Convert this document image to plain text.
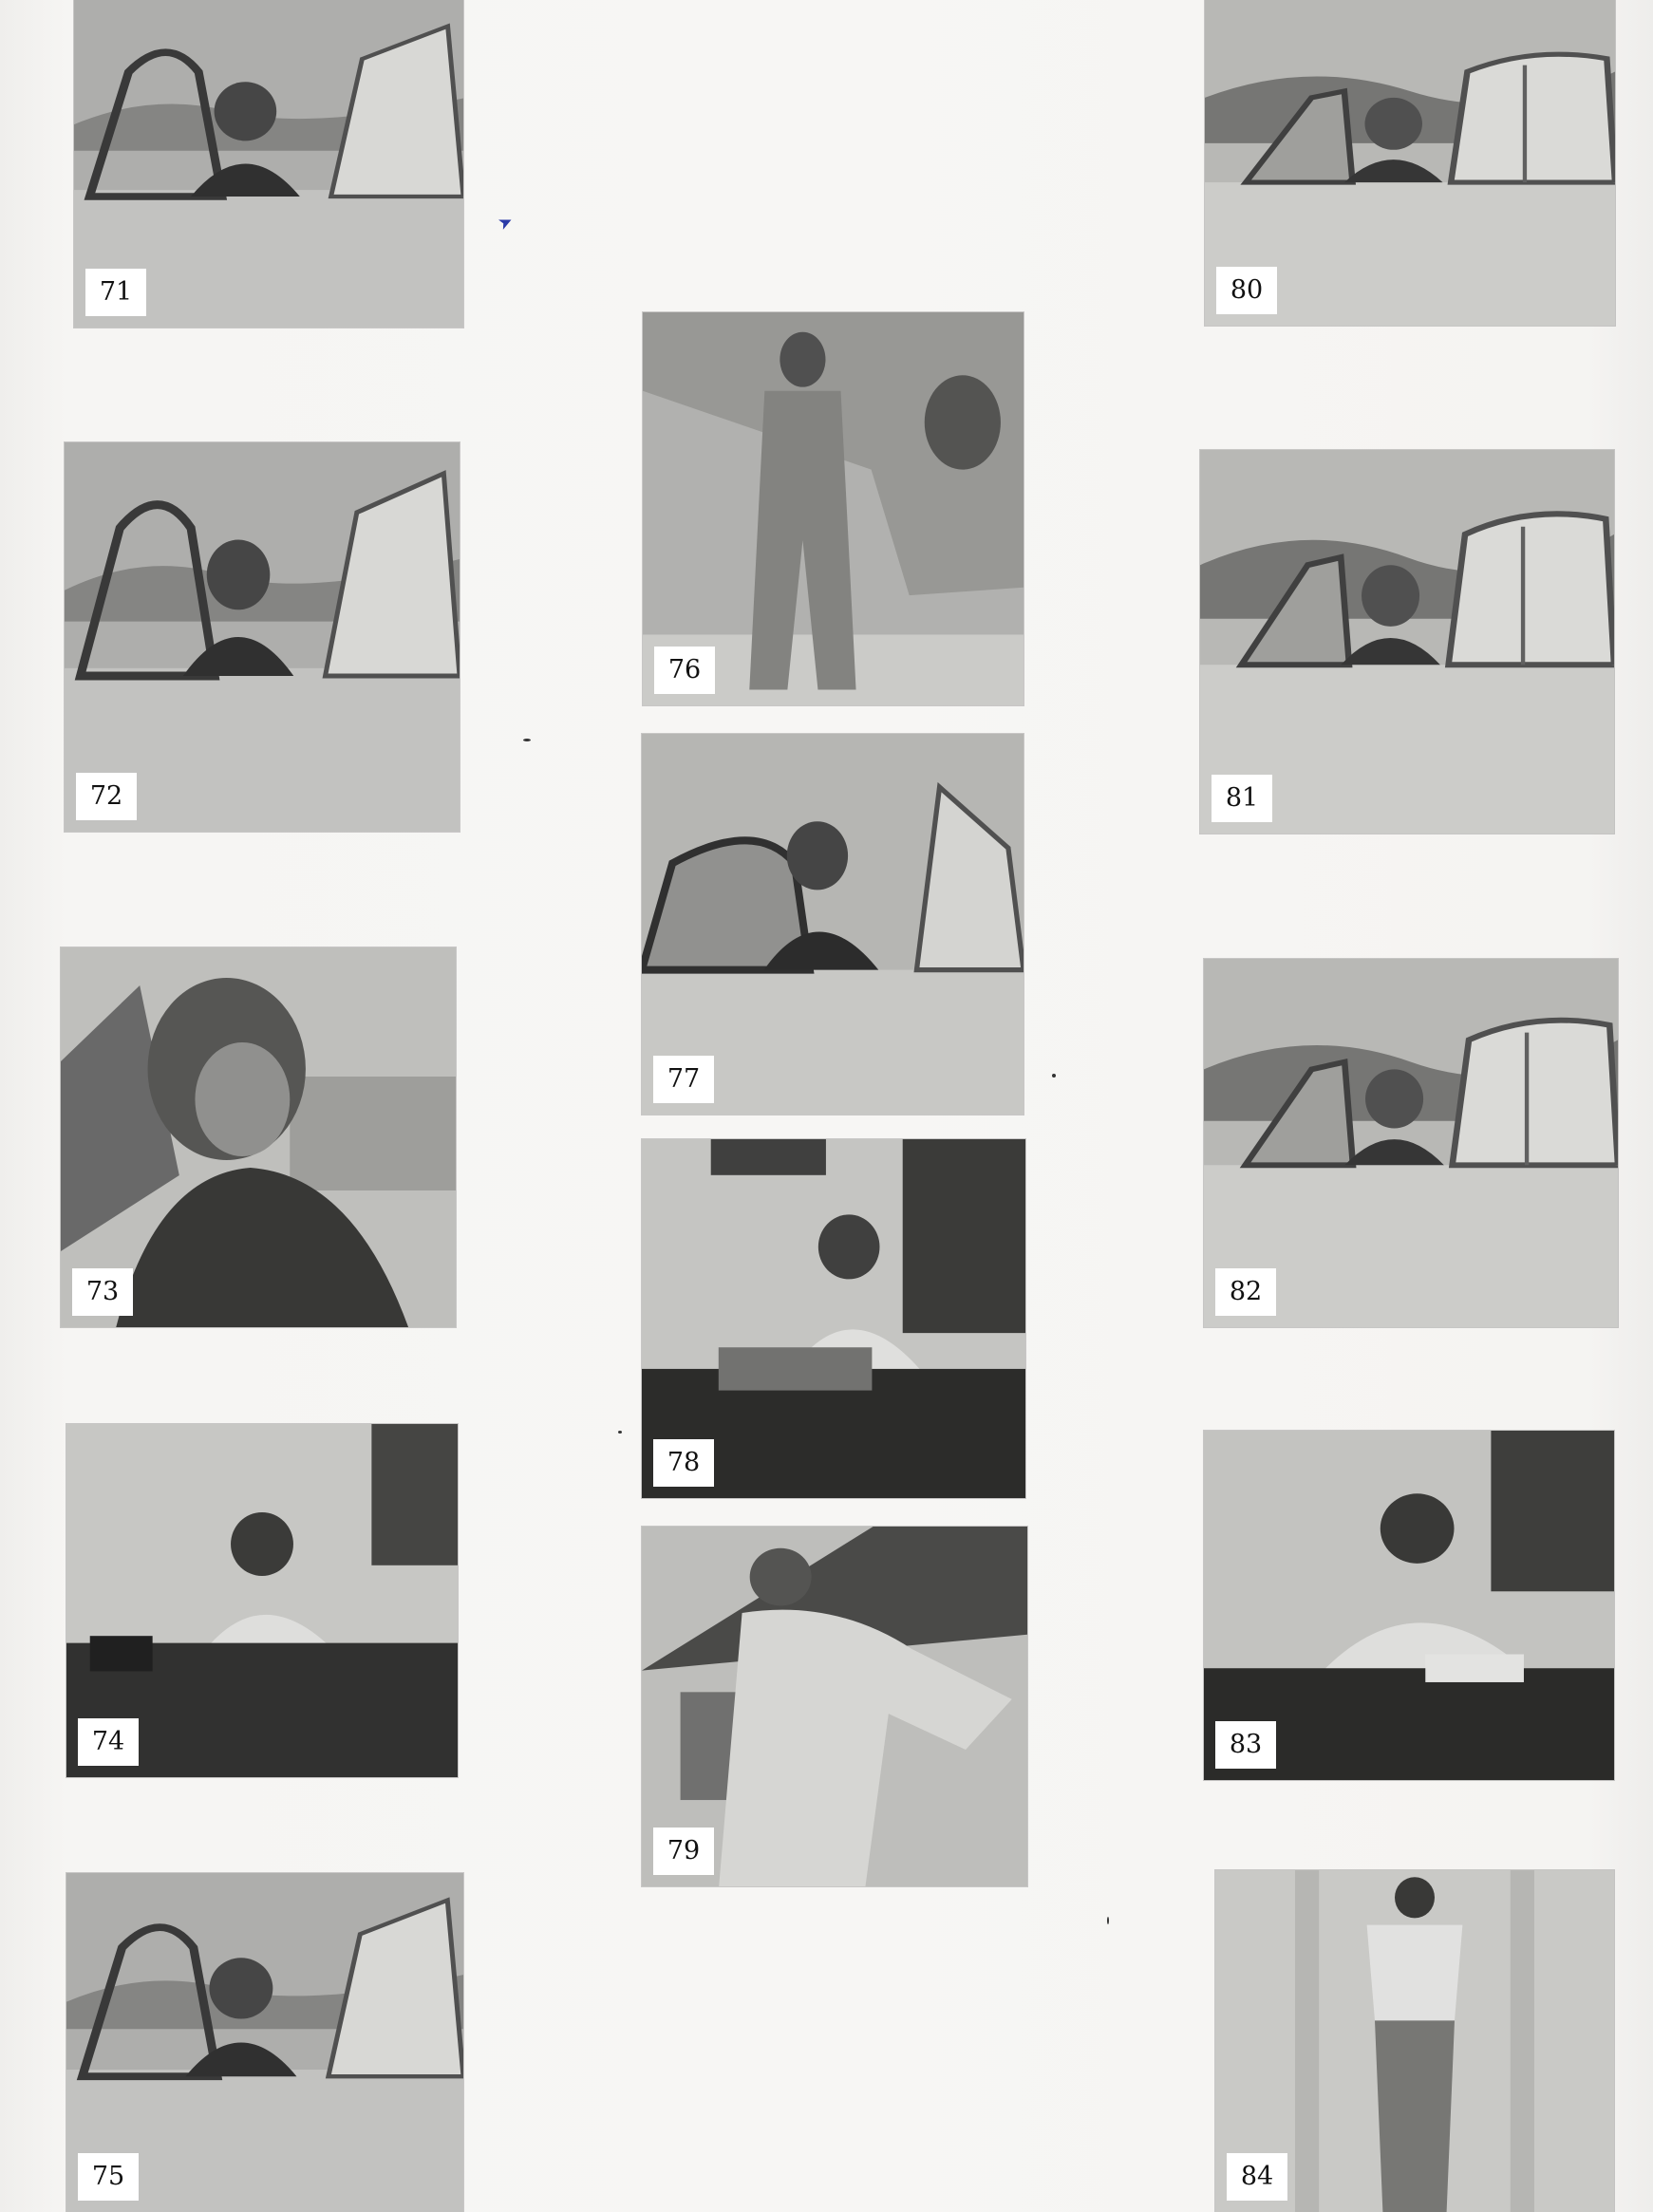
71
72
73
74
75
76
77
78
79
80
81
82
83
84
➤
